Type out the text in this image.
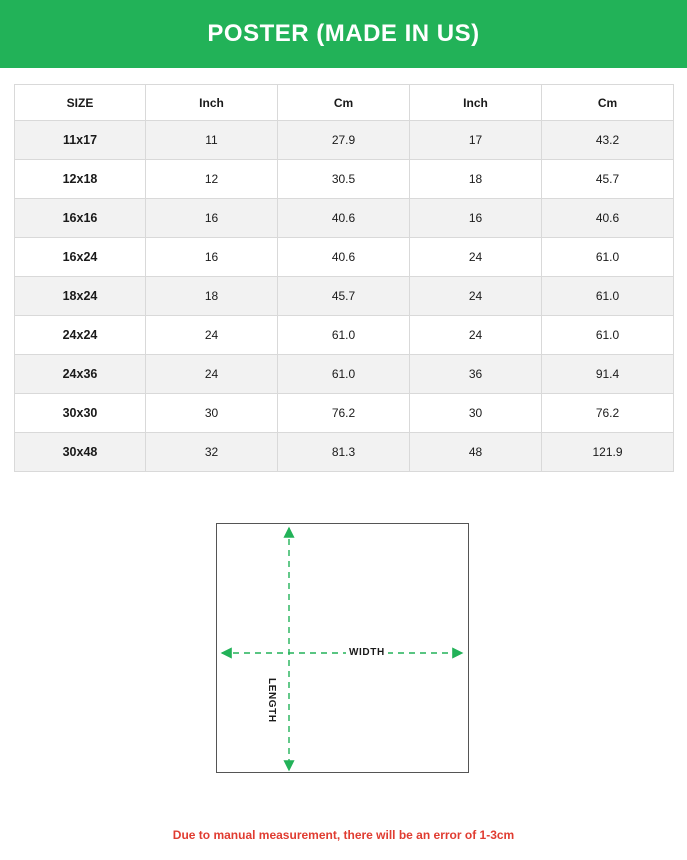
POSTER (MADE IN US)
SIZE	Inch	Cm	Inch	Cm
11x17	11	27.9	17	43.2
12x18	12	30.5	18	45.7
16x16	16	40.6	16	40.6
16x24	16	40.6	24	61.0
18x24	18	45.7	24	61.0
24x24	24	61.0	24	61.0
24x36	24	61.0	36	91.4
30x30	30	76.2	30	76.2
30x48	32	81.3	48	121.9
WIDTH
LENGTH
Due to manual measurement, there will be an error of 1-3cm
